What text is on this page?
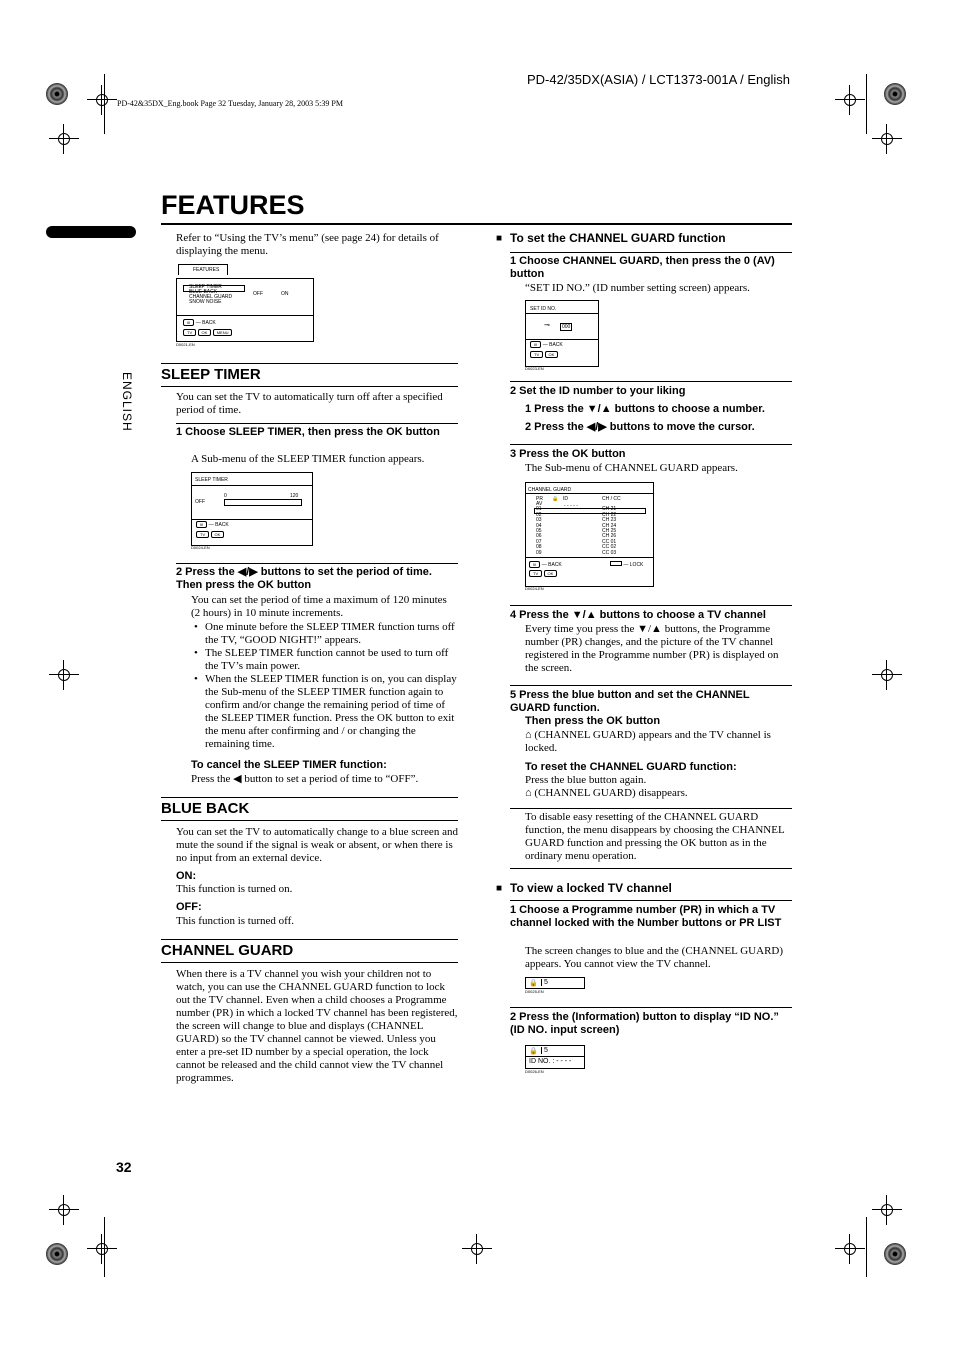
PD-42/35DX(ASIA) / LCT1373-001A / English
PD-42&35DX_Eng.book Page 32 Tuesday, January 28, 2003 5:39 PM
FEATURES
ENGLISH
32
Refer to “Using the TV’s menu” (see page 24) for details of displaying the menu.
FEATURES
SLEEP TIMER
BLUE BACK
CHANNEL GUARD
SNOW NOISE
OFF	ON
III — BACK
TV OK MENU
D0021-EN
SLEEP TIMER
You can set the TV to automatically turn off after a specified period of time.
1 Choose SLEEP TIMER, then press the OK button
A Sub-menu of the SLEEP TIMER function appears.
SLEEP TIMER
OFF
0	120
III — BACK
TV OK
D0024-EN
2 Press the ◀/▶ buttons to set the period of time. Then press the OK button
You can set the period of time a maximum of 120 minutes (2 hours) in 10 minute increments.
• One minute before the SLEEP TIMER function turns off the TV, “GOOD NIGHT!” appears.
• The SLEEP TIMER function cannot be used to turn off the TV’s main power.
• When the SLEEP TIMER function is on, you can display the Sub-menu of the SLEEP TIMER function again to confirm and/or change the remaining period of time of the SLEEP TIMER function. Press the OK button to exit the menu after confirming and / or changing the remaining time.
To cancel the SLEEP TIMER function:
Press the ◀ button to set a period of time to “OFF”.
BLUE BACK
You can set the TV to automatically change to a blue screen and mute the sound if the signal is weak or absent, or when there is no input from an external device.
ON:
This function is turned on.
OFF:
This function is turned off.
CHANNEL GUARD
When there is a TV channel you wish your children not to watch, you can use the CHANNEL GUARD function to lock out the TV channel. Even when a child chooses a Programme number (PR) in which a locked TV channel has been registered, the screen will change to blue and displays (CHANNEL GUARD) so the TV channel cannot be viewed. Unless you enter a pre-set ID number by a special operation, the lock cannot be released and the child cannot view the TV channel programmes.
■ To set the CHANNEL GUARD function
1 Choose CHANNEL GUARD, then press the 0 (AV) button
“SET ID NO.” (ID number setting screen) appears.
SET ID NO.
⊸	000
III — BACK
TV OK
D0023-EN
2 Set the ID number to your liking
1 Press the ▼/▲ buttons to choose a number.
2 Press the ◀/▶ buttons to move the cursor.
3 Press the OK button
The Sub-menu of CHANNEL GUARD appears.
CHANNEL GUARD
PR 🔒 ID	CH / CC
AV
01	CH 21
02	CH 22
03	CH 23
04	CH 24
05	CH 25
06	CH 26
07	CC 01
08	CC 02
09	CC 03
- - - - -
III — BACK
TV OK
— LOCK
D0024-EN
4 Press the ▼/▲ buttons to choose a TV channel
Every time you press the ▼/▲ buttons, the Programme number (PR) changes, and the picture of the TV channel registered in the Programme number (PR) is displayed on the screen.
5 Press the blue button and set the CHANNEL GUARD function.
Then press the OK button
⌂ (CHANNEL GUARD) appears and the TV channel is locked.
To reset the CHANNEL GUARD function:
Press the blue button again.
⌂ (CHANNEL GUARD) disappears.
To disable easy resetting of the CHANNEL GUARD function, the menu disappears by choosing the CHANNEL GUARD function and pressing the OK button as in the ordinary menu operation.
■ To view a locked TV channel
1 Choose a Programme number (PR) in which a TV channel locked with the Number buttons or PR LIST
The screen changes to blue and the (CHANNEL GUARD) appears. You cannot view the TV channel.
🔒 5
D0025-EN
2 Press the (Information) button to display “ID NO.” (ID NO. input screen)
🔒 5
ID NO. : - - - -
D0026-EN
